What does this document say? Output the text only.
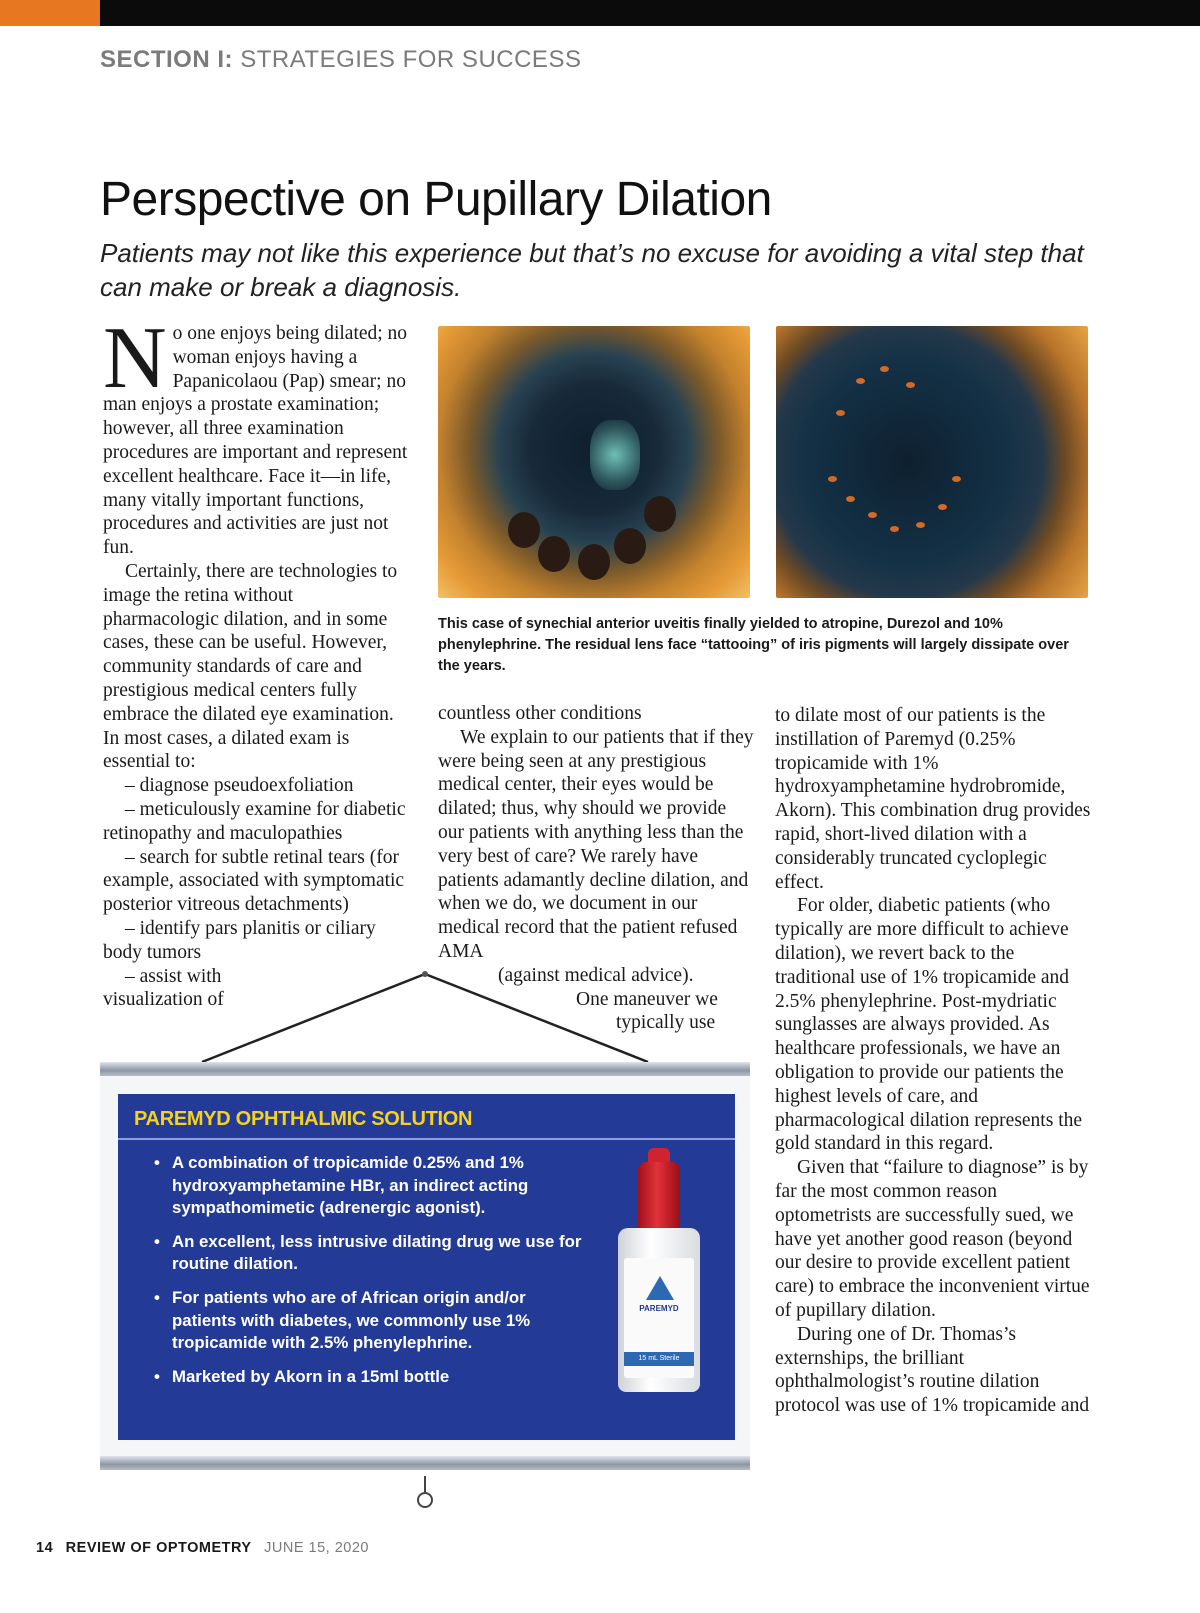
SECTION I: STRATEGIES FOR SUCCESS
Perspective on Pupillary Dilation
Patients may not like this experience but that’s no excuse for avoiding a vital step that can make or break a diagnosis.

No one enjoys being dilated; no woman enjoys having a Papanicolaou (Pap) smear; no man enjoys a prostate examination; however, all three examination procedures are important and represent excellent healthcare. Face it—in life, many vitally important functions, procedures and activities are just not fun.

Certainly, there are technologies to image the retina without pharmacologic dilation, and in some cases, these can be useful. However, community standards of care and prestigious medical centers fully embrace the dilated eye examination. In most cases, a dilated exam is essential to:

– diagnose pseudoexfoliation

– meticulously examine for diabetic retinopathy and maculopathies

– search for subtle retinal tears (for example, associated with symptomatic posterior vitreous detachments)

– identify pars planitis or ciliary body tumors

– assist with visualization of

This case of synechial anterior uveitis finally yielded to atropine, Durezol and 10% phenylephrine. The residual lens face “tattooing” of iris pigments will largely dissipate over the years.

countless other conditions

We explain to our patients that if they were being seen at any prestigious medical center, their eyes would be dilated; thus, why should we provide our patients with anything less than the very best of care? We rarely have patients adamantly decline dilation, and when we do, we document in our medical record that the patient refused AMA

(against medical advice).

One maneuver we

typically use

to dilate most of our patients is the instillation of Paremyd (0.25% tropicamide with 1% hydroxyamphetamine hydrobromide, Akorn). This combination drug provides rapid, short-lived dilation with a considerably truncated cycloplegic effect.

For older, diabetic patients (who typically are more difficult to achieve dilation), we revert back to the traditional use of 1% tropicamide and 2.5% phenylephrine. Post-mydriatic sunglasses are always provided. As healthcare professionals, we have an obligation to provide our patients the highest levels of care, and pharmacological dilation represents the gold standard in this regard.

Given that “failure to diagnose” is by far the most common reason optometrists are successfully sued, we have yet another good reason (beyond our desire to provide excellent patient care) to embrace the inconvenient virtue of pupillary dilation.

During one of Dr. Thomas’s externships, the brilliant ophthalmologist’s routine dilation protocol was use of 1% tropicamide and

PAREMYD OPHTHALMIC SOLUTION
• A combination of tropicamide 0.25% and 1% hydroxyamphetamine HBr, an indirect acting sympathomimetic (adrenergic agonist).
• An excellent, less intrusive dilating drug we use for routine dilation.
• For patients who are of African origin and/or patients with diabetes, we commonly use 1% tropicamide with 2.5% phenylephrine.
• Marketed by Akorn in a 15ml bottle
PAREMYD
15 mL Sterile
14 REVIEW OF OPTOMETRY JUNE 15, 2020
